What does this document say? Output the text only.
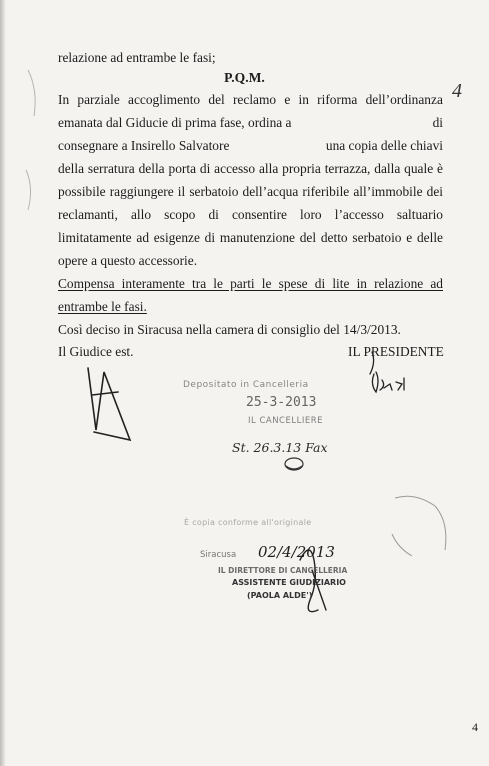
relazione ad entrambe le fasi;
P.Q.M.
4
In parziale accoglimento del reclamo e in riforma dell’ordinanza
emanata dal Giducie di prima fase, ordina a	di
consegnare a Insirello Salvatore	una copia delle chiavi
della serratura della porta di accesso alla propria terrazza, dalla quale è
possibile raggiungere il serbatoio dell’acqua riferibile all’immobile dei
reclamanti, allo scopo di consentire loro l’accesso saltuario
limitatamente ad esigenze di manutenzione del detto serbatoio e delle
opere a questo accessorie.
Compensa interamente tra le parti le spese di lite in relazione ad
entrambe le fasi.
Così deciso in Siracusa nella camera di consiglio del 14/3/2013.
Il Giudice est.	IL PRESIDENTE
Depositato in Cancelleria
25-3-2013
IL CANCELLIERE
St. 26.3.13 Fax
È copia conforme all'originale
Siracusa 02/4/2013
IL DIRETTORE DI CANCELLERIA
ASSISTENTE GIUDIZIARIO
(PAOLA ALDE')
4
